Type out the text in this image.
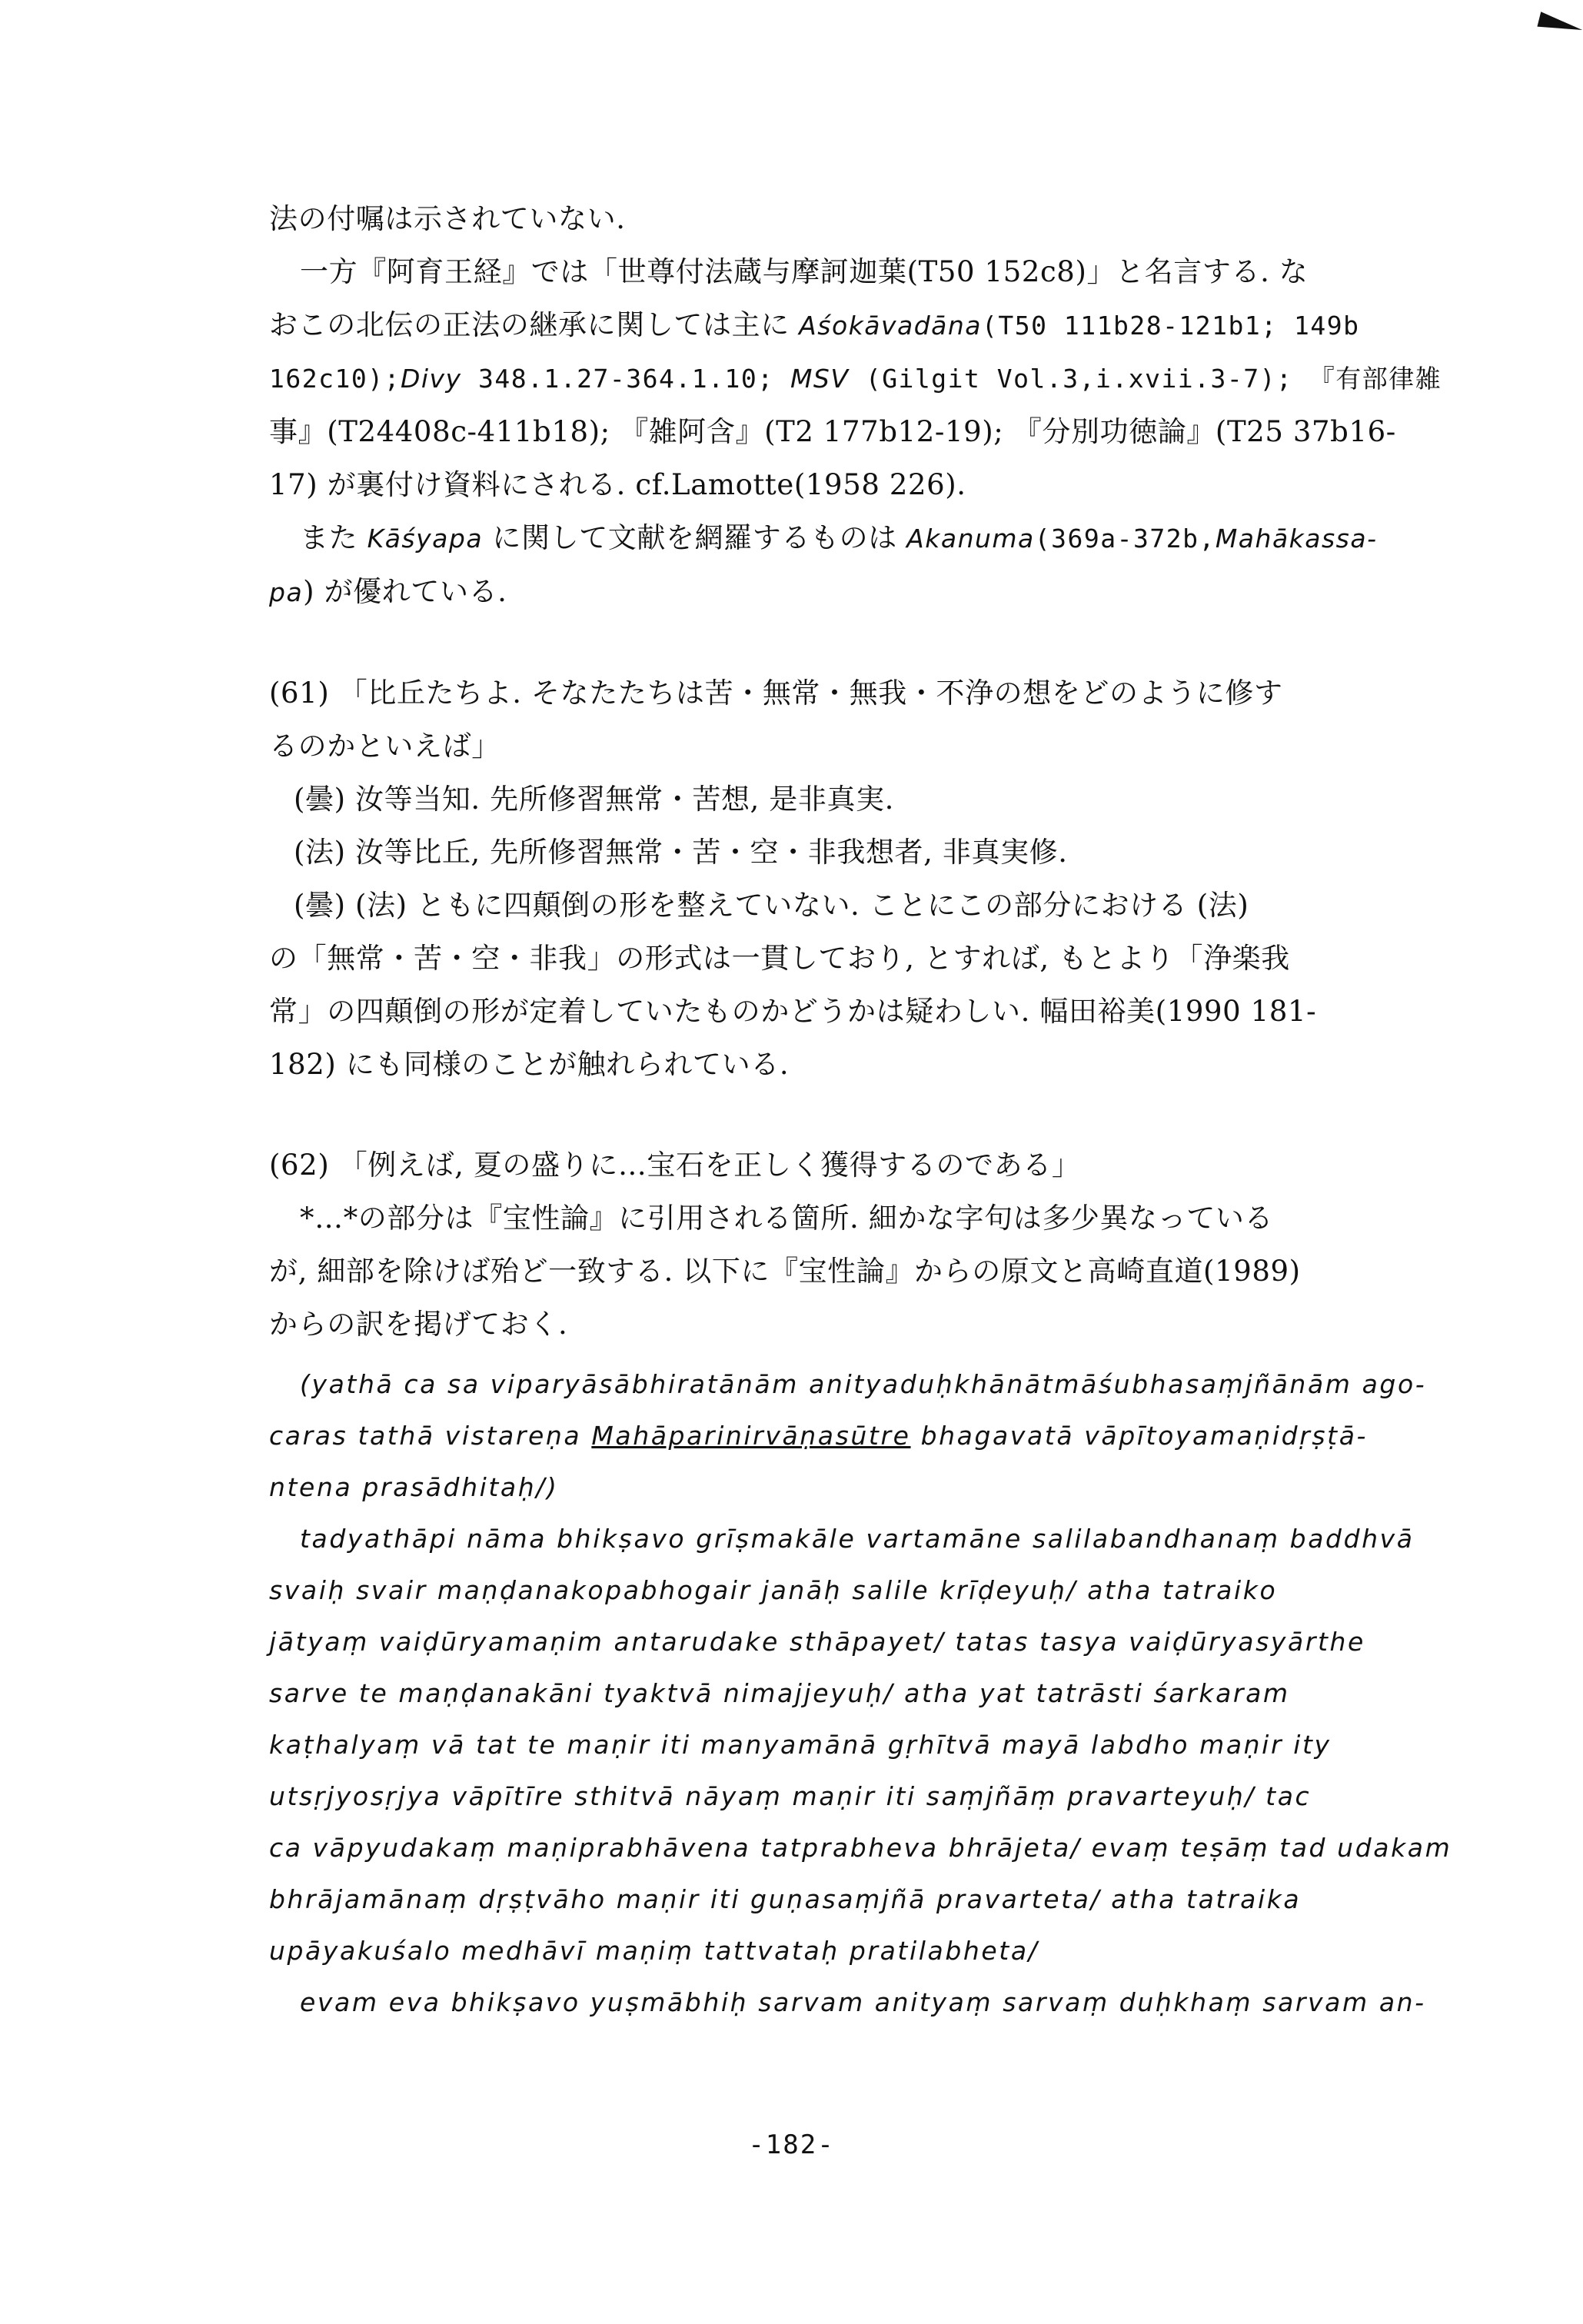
法の付嘱は示されていない.
一方『阿育王経』では「世尊付法蔵与摩訶迦葉(T50 152c8)」と名言する. な
おこの北伝の正法の継承に関しては主に Aśokāvadāna(T50 111b28-121b1; 149b
162c10);Divy 348.1.27-364.1.10; MSV (Gilgit Vol.3,i.xvii.3-7); 『有部律雑
事』(T24408c-411b18); 『雑阿含』(T2 177b12-19); 『分別功徳論』(T25 37b16-
17) が裏付け資料にされる. cf.Lamotte(1958 226).
また Kāśyapa に関して文献を網羅するものは Akanuma(369a-372b,Mahākassa-
pa) が優れている.
(61) 「比丘たちよ. そなたたちは苦・無常・無我・不浄の想をどのように修す
るのかといえば」
(曇) 汝等当知. 先所修習無常・苦想, 是非真実.
(法) 汝等比丘, 先所修習無常・苦・空・非我想者, 非真実修.
(曇) (法) ともに四顛倒の形を整えていない. ことにこの部分における (法)
の「無常・苦・空・非我」の形式は一貫しており, とすれば, もとより「浄楽我
常」の四顛倒の形が定着していたものかどうかは疑わしい. 幅田裕美(1990 181-
182) にも同様のことが触れられている.
(62) 「例えば, 夏の盛りに…宝石を正しく獲得するのである」
*…*の部分は『宝性論』に引用される箇所. 細かな字句は多少異なっている
が, 細部を除けば殆ど一致する. 以下に『宝性論』からの原文と高崎直道(1989)
からの訳を掲げておく.
(yathā ca sa viparyāsābhiratānām anityaduḥkhānātmāśubhasaṃjñānām ago-
caras tathā vistareṇa Mahāparinirvāṇasūtre bhagavatā vāpītoyamaṇidṛṣṭā-
ntena prasādhitaḥ/)
tadyathāpi nāma bhikṣavo grīṣmakāle vartamāne salilabandhanaṃ baddhvā
svaiḥ svair maṇḍanakopabhogair janāḥ salile krīḍeyuḥ/ atha tatraiko
jātyaṃ vaiḍūryamaṇim antarudake sthāpayet/ tatas tasya vaiḍūryasyārthe
sarve te maṇḍanakāni tyaktvā nimajjeyuḥ/ atha yat tatrāsti śarkaram
kaṭhalyaṃ vā tat te maṇir iti manyamānā gṛhītvā mayā labdho maṇir ity
utsṛjyosṛjya vāpītīre sthitvā nāyaṃ maṇir iti saṃjñāṃ pravarteyuḥ/ tac
ca vāpyudakaṃ maṇiprabhāvena tatprabheva bhrājeta/ evaṃ teṣāṃ tad udakam
bhrājamānaṃ dṛṣṭvāho maṇir iti guṇasaṃjñā pravarteta/ atha tatraika
upāyakuśalo medhāvī maṇiṃ tattvataḥ pratilabheta/
evam eva bhikṣavo yuṣmābhiḥ sarvam anityaṃ sarvaṃ duḥkhaṃ sarvam an-
-182-
